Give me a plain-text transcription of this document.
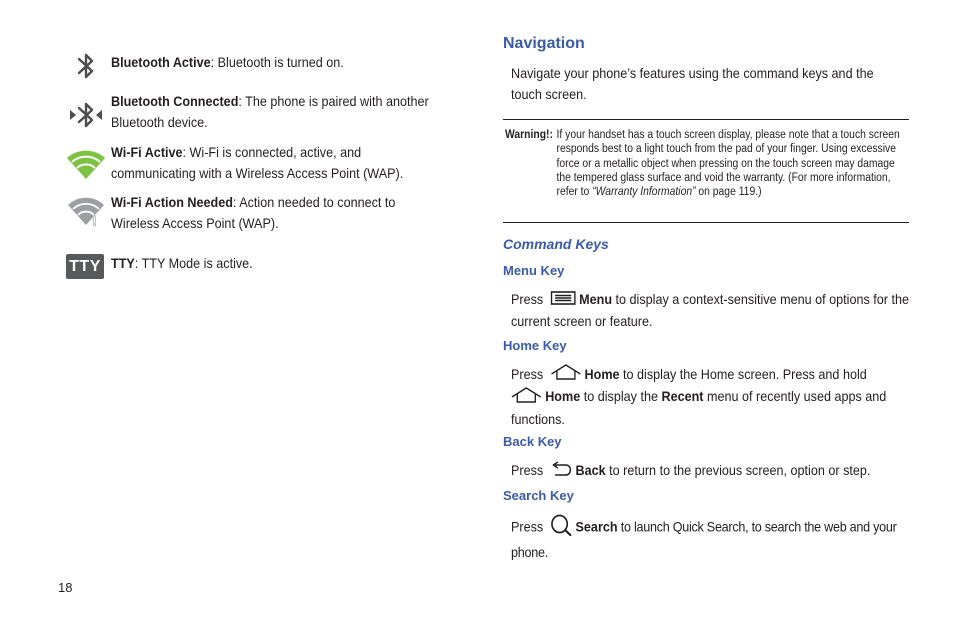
Bluetooth Active: Bluetooth is turned on.
Bluetooth Connected: The phone is paired with another Bluetooth device.
Wi-Fi Active: Wi-Fi is connected, active, and communicating with a Wireless Access Point (WAP).
!
Wi-Fi Action Needed: Action needed to connect to Wireless Access Point (WAP).
TTY TTY: TTY Mode is active.
Navigation
Navigate your phone’s features using the command keys and the touch screen.
Warning!: If your handset has a touch screen display, please note that a touch screen responds best to a light touch from the pad of your finger. Using excessive force or a metallic object when pressing on the touch screen may damage the tempered glass surface and void the warranty. (For more information, refer to “Warranty Information” on page 119.)
Command Keys
Menu Key
Press	Menu to display a context-sensitive menu of options for the current screen or feature.
Home Key
Press	Home to display the Home screen. Press and hold
Home to display the Recent menu of recently used apps and functions.
Back Key
Press Back to return to the previous screen, option or step.
Search Key
Press Search to launch Quick Search, to search the web and your phone.
18
